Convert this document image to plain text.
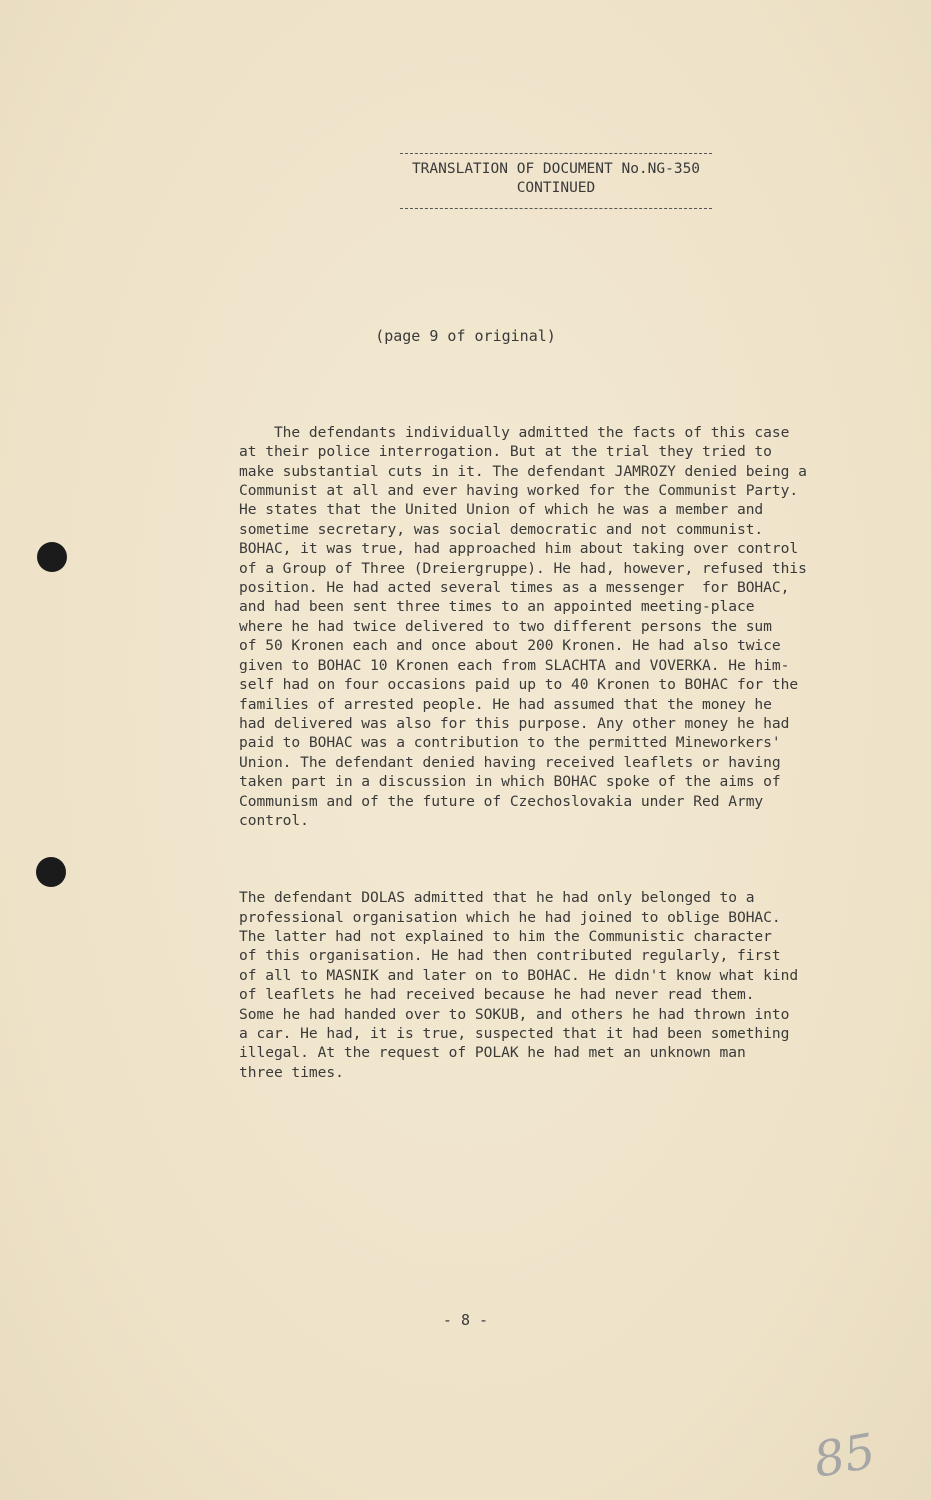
TRANSLATION OF DOCUMENT No.NG-350
CONTINUED
(page 9 of original)

The defendants individually admitted the facts of this case
at their police interrogation. But at the trial they tried to
make substantial cuts in it. The defendant JAMROZY denied being a
Communist at all and ever having worked for the Communist Party.
He states that the United Union of which he was a member and
sometime secretary, was social democratic and not communist.
BOHAC, it was true, had approached him about taking over control
of a Group of Three (Dreiergruppe). He had, however, refused this
position. He had acted several times as a messenger  for BOHAC,
and had been sent three times to an appointed meeting-place
where he had twice delivered to two different persons the sum
of 50 Kronen each and once about 200 Kronen. He had also twice
given to BOHAC 10 Kronen each from SLACHTA and VOVERKA. He him-
self had on four occasions paid up to 40 Kronen to BOHAC for the
families of arrested people. He had assumed that the money he
had delivered was also for this purpose. Any other money he had
paid to BOHAC was a contribution to the permitted Mineworkers'
Union. The defendant denied having received leaflets or having
taken part in a discussion in which BOHAC spoke of the aims of
Communism and of the future of Czechoslovakia under Red Army
control.

The defendant DOLAS admitted that he had only belonged to a
professional organisation which he had joined to oblige BOHAC.
The latter had not explained to him the Communistic character
of this organisation. He had then contributed regularly, first
of all to MASNIK and later on to BOHAC. He didn't know what kind
of leaflets he had received because he had never read them.
Some he had handed over to SOKUB, and others he had thrown into
a car. He had, it is true, suspected that it had been something
illegal. At the request of POLAK he had met an unknown man
three times.

- 8 -
85
